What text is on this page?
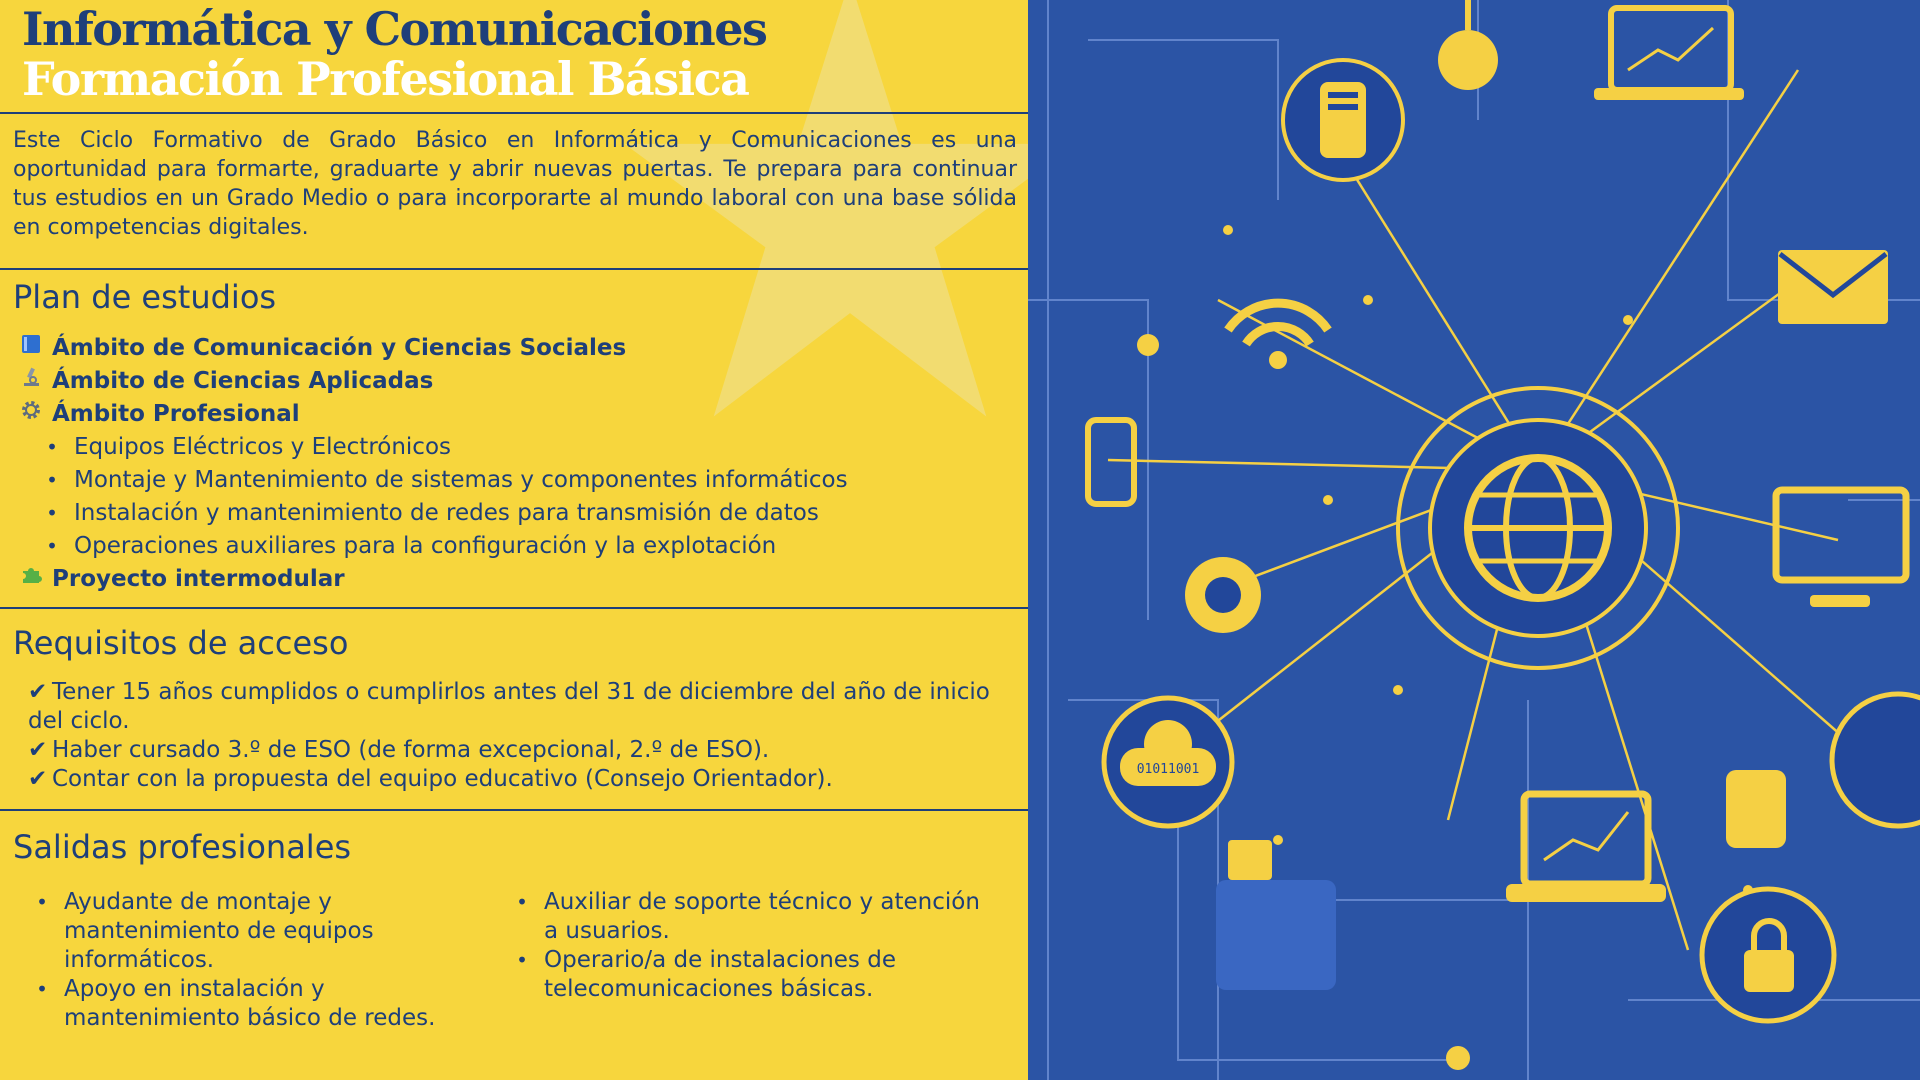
Informática y Comunicaciones
Formación Profesional Básica
Este Ciclo Formativo de Grado Básico en Informática y Comunicaciones es una oportunidad para formarte, graduarte y abrir nuevas puertas. Te prepara para continuar tus estudios en un Grado Medio o para incorporarte al mundo laboral con una base sólida en competencias digitales.
Plan de estudios
Ámbito de Comunicación y Ciencias Sociales
Ámbito de Ciencias Aplicadas
Ámbito Profesional
• Equipos Eléctricos y Electrónicos
• Montaje y Mantenimiento de sistemas y componentes informáticos
• Instalación y mantenimiento de redes para transmisión de datos
• Operaciones auxiliares para la configuración y la explotación
Proyecto intermodular
Requisitos de acceso
✔ Tener 15 años cumplidos o cumplirlos antes del 31 de diciembre del año de inicio del ciclo.
✔ Haber cursado 3.º de ESO (de forma excepcional, 2.º de ESO).
✔ Contar con la propuesta del equipo educativo (Consejo Orientador).
Salidas profesionales
• Ayudante de montaje y mantenimiento de equipos informáticos.
• Apoyo en instalación y mantenimiento básico de redes.
• Auxiliar de soporte técnico y atención a usuarios.
• Operario/a de instalaciones de telecomunicaciones básicas.
01011001
